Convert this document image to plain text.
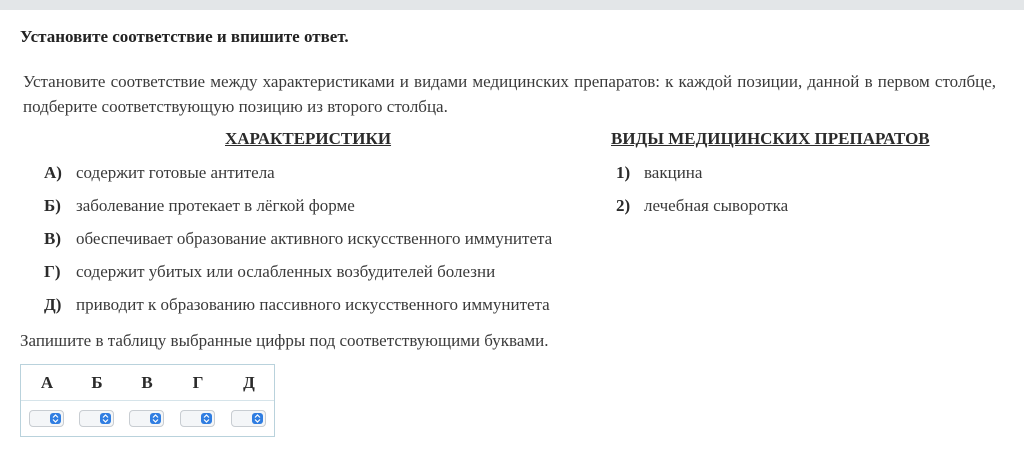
Установите соответствие и впишите ответ.
Установите соответствие между характеристиками и видами медицинских препаратов: к каждой позиции, данной в первом столбце, подберите соответствующую позицию из второго столбца.
ХАРАКТЕРИСТИКИ	ВИДЫ МЕДИЦИНСКИХ ПРЕПАРАТОВ
А) содержит готовые антитела
Б) заболевание протекает в лёгкой форме
В) обеспечивает образование активного искусственного иммунитета
Г) содержит убитых или ослабленных возбудителей болезни
Д) приводит к образованию пассивного искусственного иммунитета
1) вакцина
2) лечебная сыворотка
Запишите в таблицу выбранные цифры под соответствующими буквами.
А	Б	В	Г	Д
